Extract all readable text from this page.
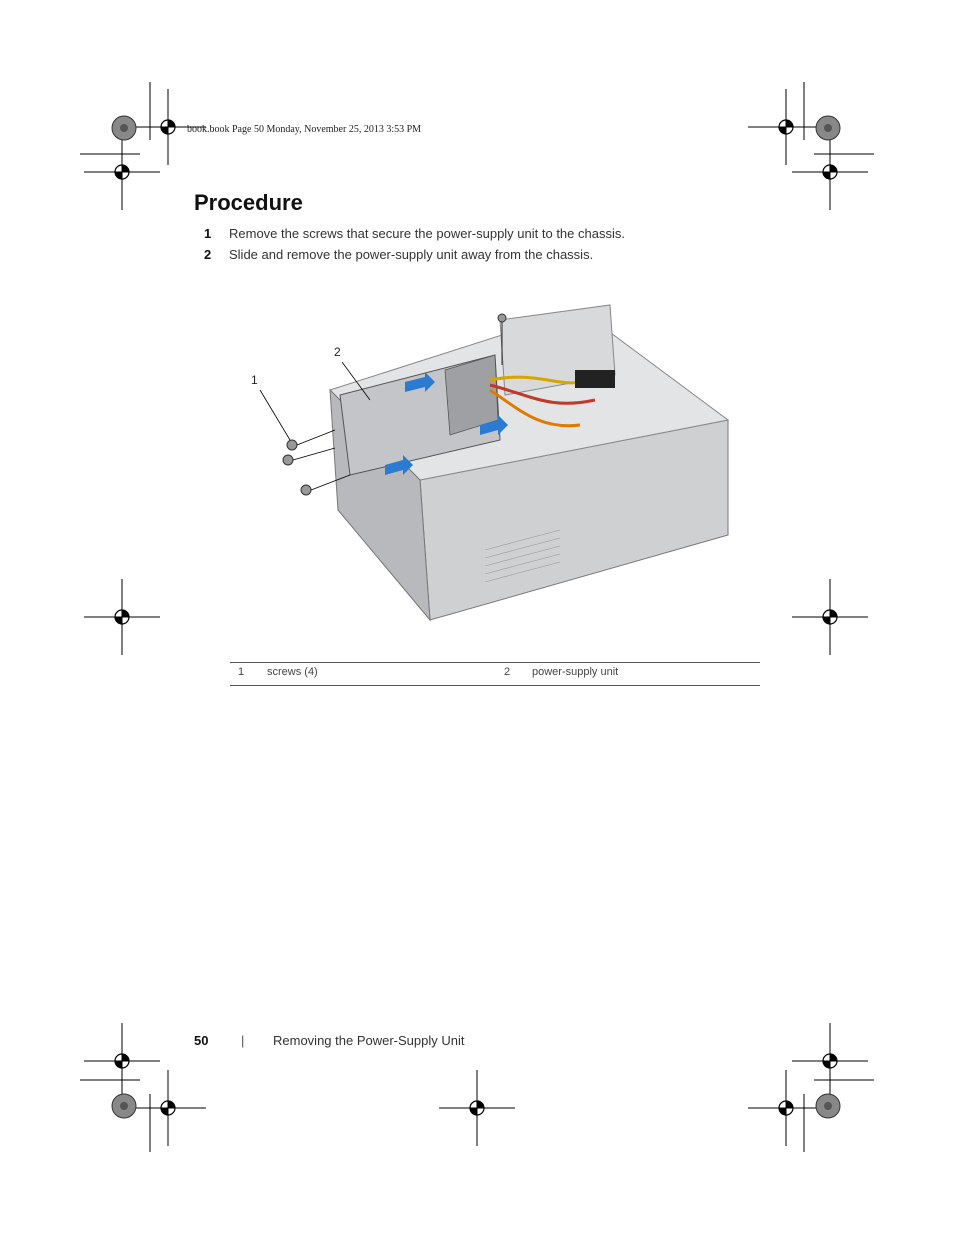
book.book Page 50 Monday, November 25, 2013 3:53 PM
Procedure
1 Remove the screws that secure the power-supply unit to the chassis.
2 Slide and remove the power-supply unit away from the chassis.
1
2
1 screws (4)	2 power-supply unit
50	| Removing the Power-Supply Unit
